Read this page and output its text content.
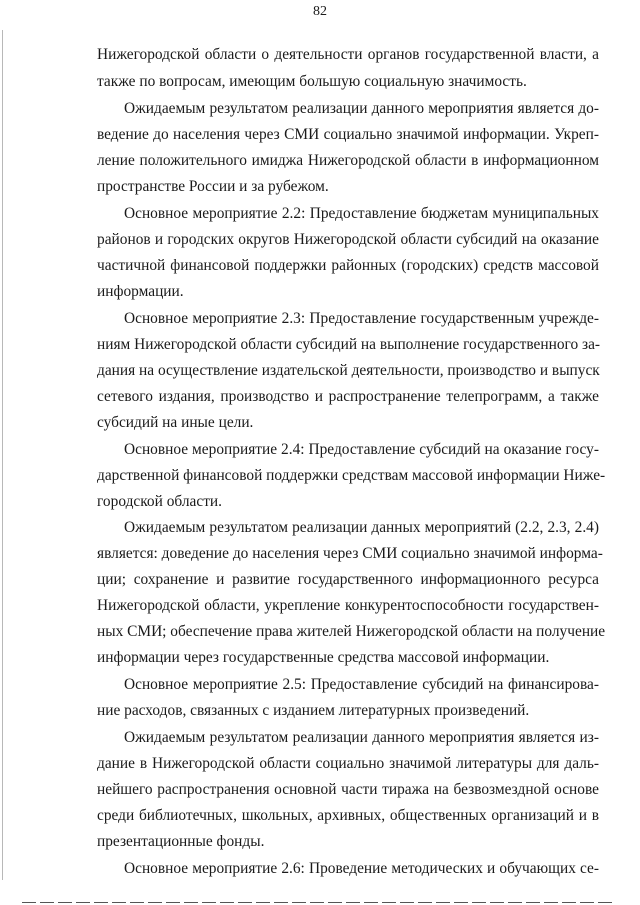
82
Нижегородской области о деятельности органов государственной власти, а
также по вопросам, имеющим большую социальную значимость.
Ожидаемым результатом реализации данного мероприятия является до-
ведение до населения через СМИ социально значимой информации. Укреп-
ление положительного имиджа Нижегородской области в информационном
пространстве России и за рубежом.
Основное мероприятие 2.2: Предоставление бюджетам муниципальных
районов и городских округов Нижегородской области субсидий на оказание
частичной финансовой поддержки районных (городских) средств массовой
информации.
Основное мероприятие 2.3: Предоставление государственным учрежде-
ниям Нижегородской области субсидий на выполнение государственного за-
дания на осуществление издательской деятельности, производство и выпуск
сетевого издания, производство и распространение телепрограмм, а также
субсидий на иные цели.
Основное мероприятие 2.4: Предоставление субсидий на оказание госу-
дарственной финансовой поддержки средствам массовой информации Ниже-
городской области.
Ожидаемым результатом реализации данных мероприятий (2.2, 2.3, 2.4)
является: доведение до населения через СМИ социально значимой информа-
ции; сохранение и развитие государственного информационного ресурса
Нижегородской области, укрепление конкурентоспособности государствен-
ных СМИ; обеспечение права жителей Нижегородской области на получение
информации через государственные средства массовой информации.
Основное мероприятие 2.5: Предоставление субсидий на финансирова-
ние расходов, связанных с изданием литературных произведений.
Ожидаемым результатом реализации данного мероприятия является из-
дание в Нижегородской области социально значимой литературы для даль-
нейшего распространения основной части тиража на безвозмездной основе
среди библиотечных, школьных, архивных, общественных организаций и в
презентационные фонды.
Основное мероприятие 2.6: Проведение методических и обучающих се-
